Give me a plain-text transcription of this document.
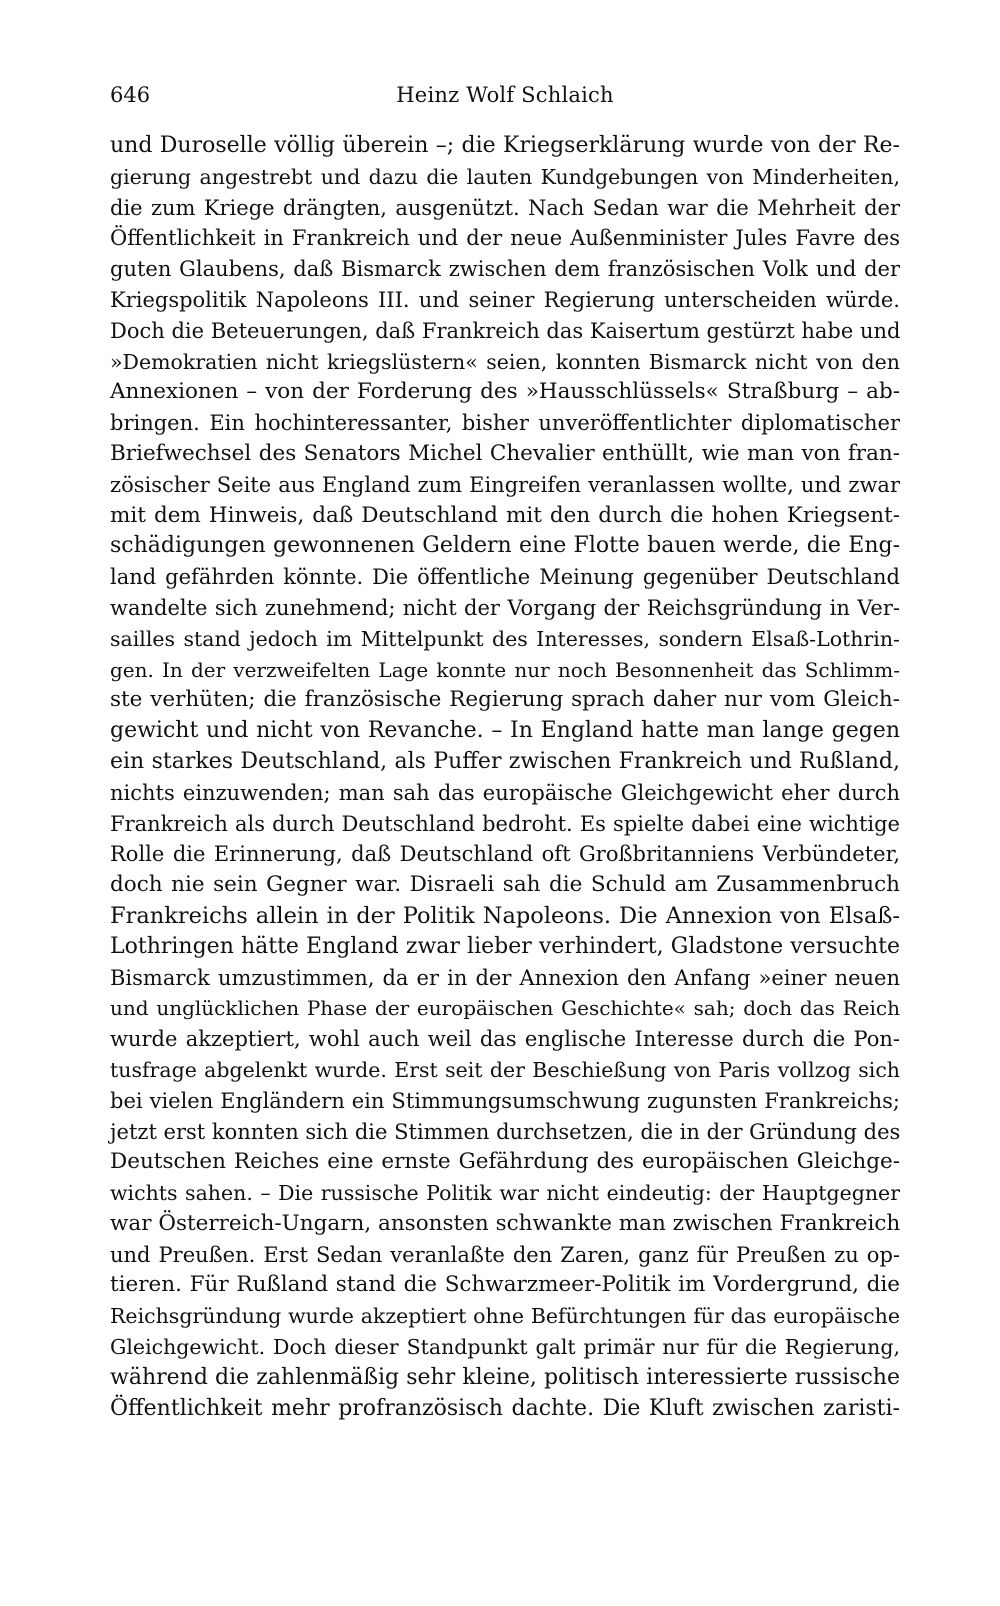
646	Heinz Wolf Schlaich
und Duroselle völlig überein –; die Kriegserklärung wurde von der Re-
gierung angestrebt und dazu die lauten Kundgebungen von Minderheiten,
die zum Kriege drängten, ausgenützt. Nach Sedan war die Mehrheit der
Öffentlichkeit in Frankreich und der neue Außenminister Jules Favre des
guten Glaubens, daß Bismarck zwischen dem französischen Volk und der
Kriegspolitik Napoleons III. und seiner Regierung unterscheiden würde.
Doch die Beteuerungen, daß Frankreich das Kaisertum gestürzt habe und
»Demokratien nicht kriegslüstern« seien, konnten Bismarck nicht von den
Annexionen – von der Forderung des »Hausschlüssels« Straßburg – ab-
bringen. Ein hochinteressanter, bisher unveröffentlichter diplomatischer
Briefwechsel des Senators Michel Chevalier enthüllt, wie man von fran-
zösischer Seite aus England zum Eingreifen veranlassen wollte, und zwar
mit dem Hinweis, daß Deutschland mit den durch die hohen Kriegsent-
schädigungen gewonnenen Geldern eine Flotte bauen werde, die Eng-
land gefährden könnte. Die öffentliche Meinung gegenüber Deutschland
wandelte sich zunehmend; nicht der Vorgang der Reichsgründung in Ver-
sailles stand jedoch im Mittelpunkt des Interesses, sondern Elsaß-Lothrin-
gen. In der verzweifelten Lage konnte nur noch Besonnenheit das Schlimm-
ste verhüten; die französische Regierung sprach daher nur vom Gleich-
gewicht und nicht von Revanche. – In England hatte man lange gegen
ein starkes Deutschland, als Puffer zwischen Frankreich und Rußland,
nichts einzuwenden; man sah das europäische Gleichgewicht eher durch
Frankreich als durch Deutschland bedroht. Es spielte dabei eine wichtige
Rolle die Erinnerung, daß Deutschland oft Großbritanniens Verbündeter,
doch nie sein Gegner war. Disraeli sah die Schuld am Zusammenbruch
Frankreichs allein in der Politik Napoleons. Die Annexion von Elsaß-
Lothringen hätte England zwar lieber verhindert, Gladstone versuchte
Bismarck umzustimmen, da er in der Annexion den Anfang »einer neuen
und unglücklichen Phase der europäischen Geschichte« sah; doch das Reich
wurde akzeptiert, wohl auch weil das englische Interesse durch die Pon-
tusfrage abgelenkt wurde. Erst seit der Beschießung von Paris vollzog sich
bei vielen Engländern ein Stimmungsumschwung zugunsten Frankreichs;
jetzt erst konnten sich die Stimmen durchsetzen, die in der Gründung des
Deutschen Reiches eine ernste Gefährdung des europäischen Gleichge-
wichts sahen. – Die russische Politik war nicht eindeutig: der Hauptgegner
war Österreich-Ungarn, ansonsten schwankte man zwischen Frankreich
und Preußen. Erst Sedan veranlaßte den Zaren, ganz für Preußen zu op-
tieren. Für Rußland stand die Schwarzmeer-Politik im Vordergrund, die
Reichsgründung wurde akzeptiert ohne Befürchtungen für das europäische
Gleichgewicht. Doch dieser Standpunkt galt primär nur für die Regierung,
während die zahlenmäßig sehr kleine, politisch interessierte russische
Öffentlichkeit mehr profranzösisch dachte. Die Kluft zwischen zaristi-
